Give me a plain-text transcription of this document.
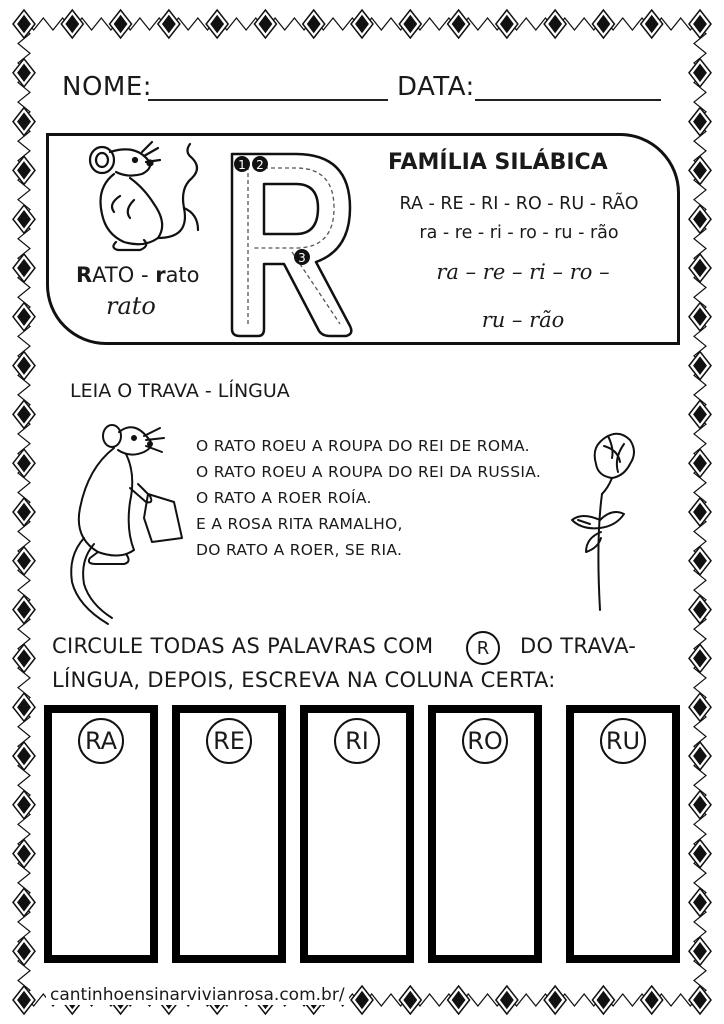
NOME:	DATA:
RATO - rato
rato
1 2
3
FAMÍLIA SILÁBICA
RA - RE - RI - RO - RU - RÃO
ra - re - ri - ro - ru - rão
ra – re – ri – ro –
ru – rão
LEIA O TRAVA - LÍNGUA
O RATO ROEU A ROUPA DO REI DE ROMA.
O RATO ROEU A ROUPA DO REI DA RUSSIA.
O RATO A ROER ROÍA.
E A ROSA RITA RAMALHO,
DO RATO A ROER, SE RIA.
CIRCULE TODAS AS PALAVRAS COM	R	DO TRAVA-
LÍNGUA, DEPOIS, ESCREVA NA COLUNA CERTA:
RA	RE	RI	RO	RU
cantinhoensinarvivianrosa.com.br/
